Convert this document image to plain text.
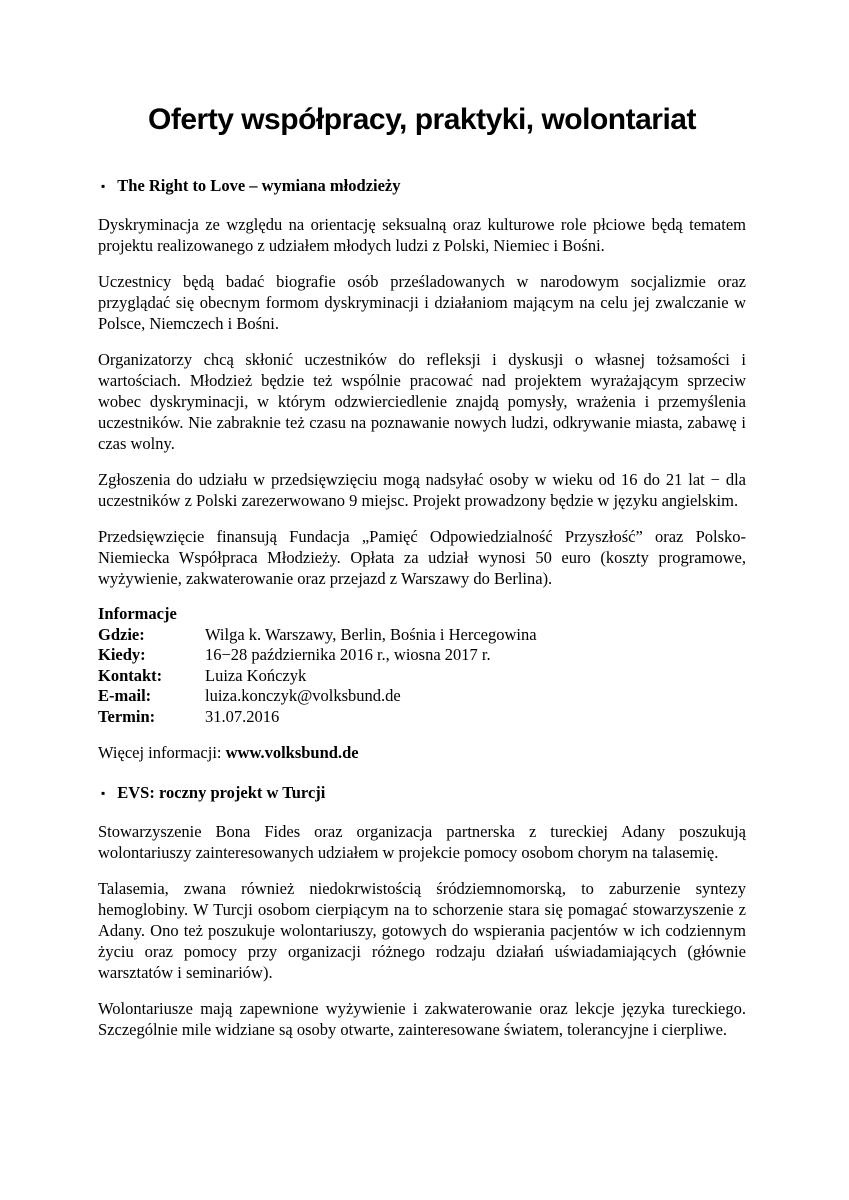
Oferty współpracy, praktyki, wolontariat
▪ The Right to Love – wymiana młodzieży

Dyskryminacja ze względu na orientację seksualną oraz kulturowe role płciowe będą tematem projektu realizowanego z udziałem młodych ludzi z Polski, Niemiec i Bośni.

Uczestnicy będą badać biografie osób prześladowanych w narodowym socjalizmie oraz przyglądać się obecnym formom dyskryminacji i działaniom mającym na celu jej zwalczanie w Polsce, Niemczech i Bośni.

Organizatorzy chcą skłonić uczestników do refleksji i dyskusji o własnej tożsamości i wartościach. Młodzież będzie też wspólnie pracować nad projektem wyrażającym sprzeciw wobec dyskryminacji, w którym odzwierciedlenie znajdą pomysły, wrażenia i przemyślenia uczestników. Nie zabraknie też czasu na poznawanie nowych ludzi, odkrywanie miasta, zabawę i czas wolny.

Zgłoszenia do udziału w przedsięwzięciu mogą nadsyłać osoby w wieku od 16 do 21 lat − dla uczestników z Polski zarezerwowano 9 miejsc. Projekt prowadzony będzie w języku angielskim.

Przedsięwzięcie finansują Fundacja „Pamięć Odpowiedzialność Przyszłość” oraz Polsko-Niemiecka Współpraca Młodzieży. Opłata za udział wynosi 50 euro (koszty programowe, wyżywienie, zakwaterowanie oraz przejazd z Warszawy do Berlina).

Informacje
Gdzie:	Wilga k. Warszawy, Berlin, Bośnia i Hercegowina
Kiedy:	16−28 października 2016 r., wiosna 2017 r.
Kontakt:	Luiza Kończyk
E-mail:	luiza.konczyk@volksbund.de
Termin:	31.07.2016
Więcej informacji: www.volksbund.de
▪ EVS: roczny projekt w Turcji

Stowarzyszenie Bona Fides oraz organizacja partnerska z tureckiej Adany poszukują wolontariuszy zainteresowanych udziałem w projekcie pomocy osobom chorym na talasemię.

Talasemia, zwana również niedokrwistością śródziemnomorską, to zaburzenie syntezy hemoglobiny. W Turcji osobom cierpiącym na to schorzenie stara się pomagać stowarzyszenie z Adany. Ono też poszukuje wolontariuszy, gotowych do wspierania pacjentów w ich codziennym życiu oraz pomocy przy organizacji różnego rodzaju działań uświadamiających (głównie warsztatów i seminariów).

Wolontariusze mają zapewnione wyżywienie i zakwaterowanie oraz lekcje języka tureckiego. Szczególnie mile widziane są osoby otwarte, zainteresowane światem, tolerancyjne i cierpliwe.
